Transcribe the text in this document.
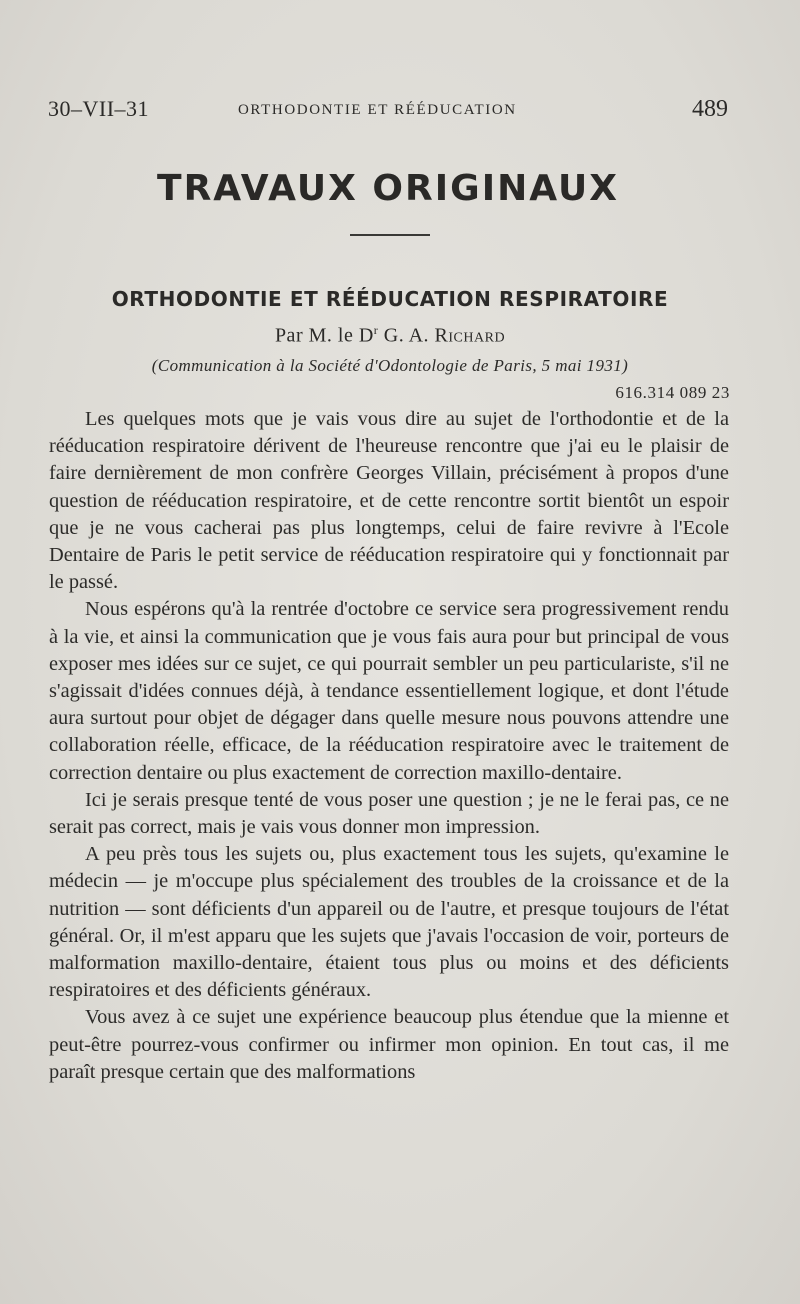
30–VII–31	ORTHODONTIE ET RÉÉDUCATION	489
TRAVAUX ORIGINAUX
ORTHODONTIE ET RÉÉDUCATION RESPIRATOIRE
Par M. le $D^r$ G. A. Richard
(Communication à la Société d'Odontologie de Paris, 5 mai 1931)
616.314 089 23

Les quelques mots que je vais vous dire au sujet de l'orthodontie et de la rééducation respiratoire dérivent de l'heureuse rencontre que j'ai eu le plaisir de faire dernièrement de mon confrère Georges Villain, précisément à propos d'une question de rééducation respiratoire, et de cette rencontre sortit bientôt un espoir que je ne vous cacherai pas plus longtemps, celui de faire revivre à l'Ecole Dentaire de Paris le petit service de rééducation respiratoire qui y fonctionnait par le passé.

Nous espérons qu'à la rentrée d'octobre ce service sera progressivement rendu à la vie, et ainsi la communication que je vous fais aura pour but principal de vous exposer mes idées sur ce sujet, ce qui pourrait sembler un peu particulariste, s'il ne s'agissait d'idées connues déjà, à tendance essentiellement logique, et dont l'étude aura surtout pour objet de dégager dans quelle mesure nous pouvons attendre une collaboration réelle, efficace, de la rééducation respiratoire avec le traitement de correction dentaire ou plus exactement de correction maxillo-dentaire.

Ici je serais presque tenté de vous poser une question ; je ne le ferai pas, ce ne serait pas correct, mais je vais vous donner mon impression.

A peu près tous les sujets ou, plus exactement tous les sujets, qu'examine le médecin — je m'occupe plus spécialement des troubles de la croissance et de la nutrition — sont déficients d'un appareil ou de l'autre, et presque toujours de l'état général. Or, il m'est apparu que les sujets que j'avais l'occasion de voir, porteurs de malformation maxillo-dentaire, étaient tous plus ou moins et des déficients respiratoires et des déficients généraux.

Vous avez à ce sujet une expérience beaucoup plus étendue que la mienne et peut-être pourrez-vous confirmer ou infirmer mon opinion. En tout cas, il me paraît presque certain que des malformations
